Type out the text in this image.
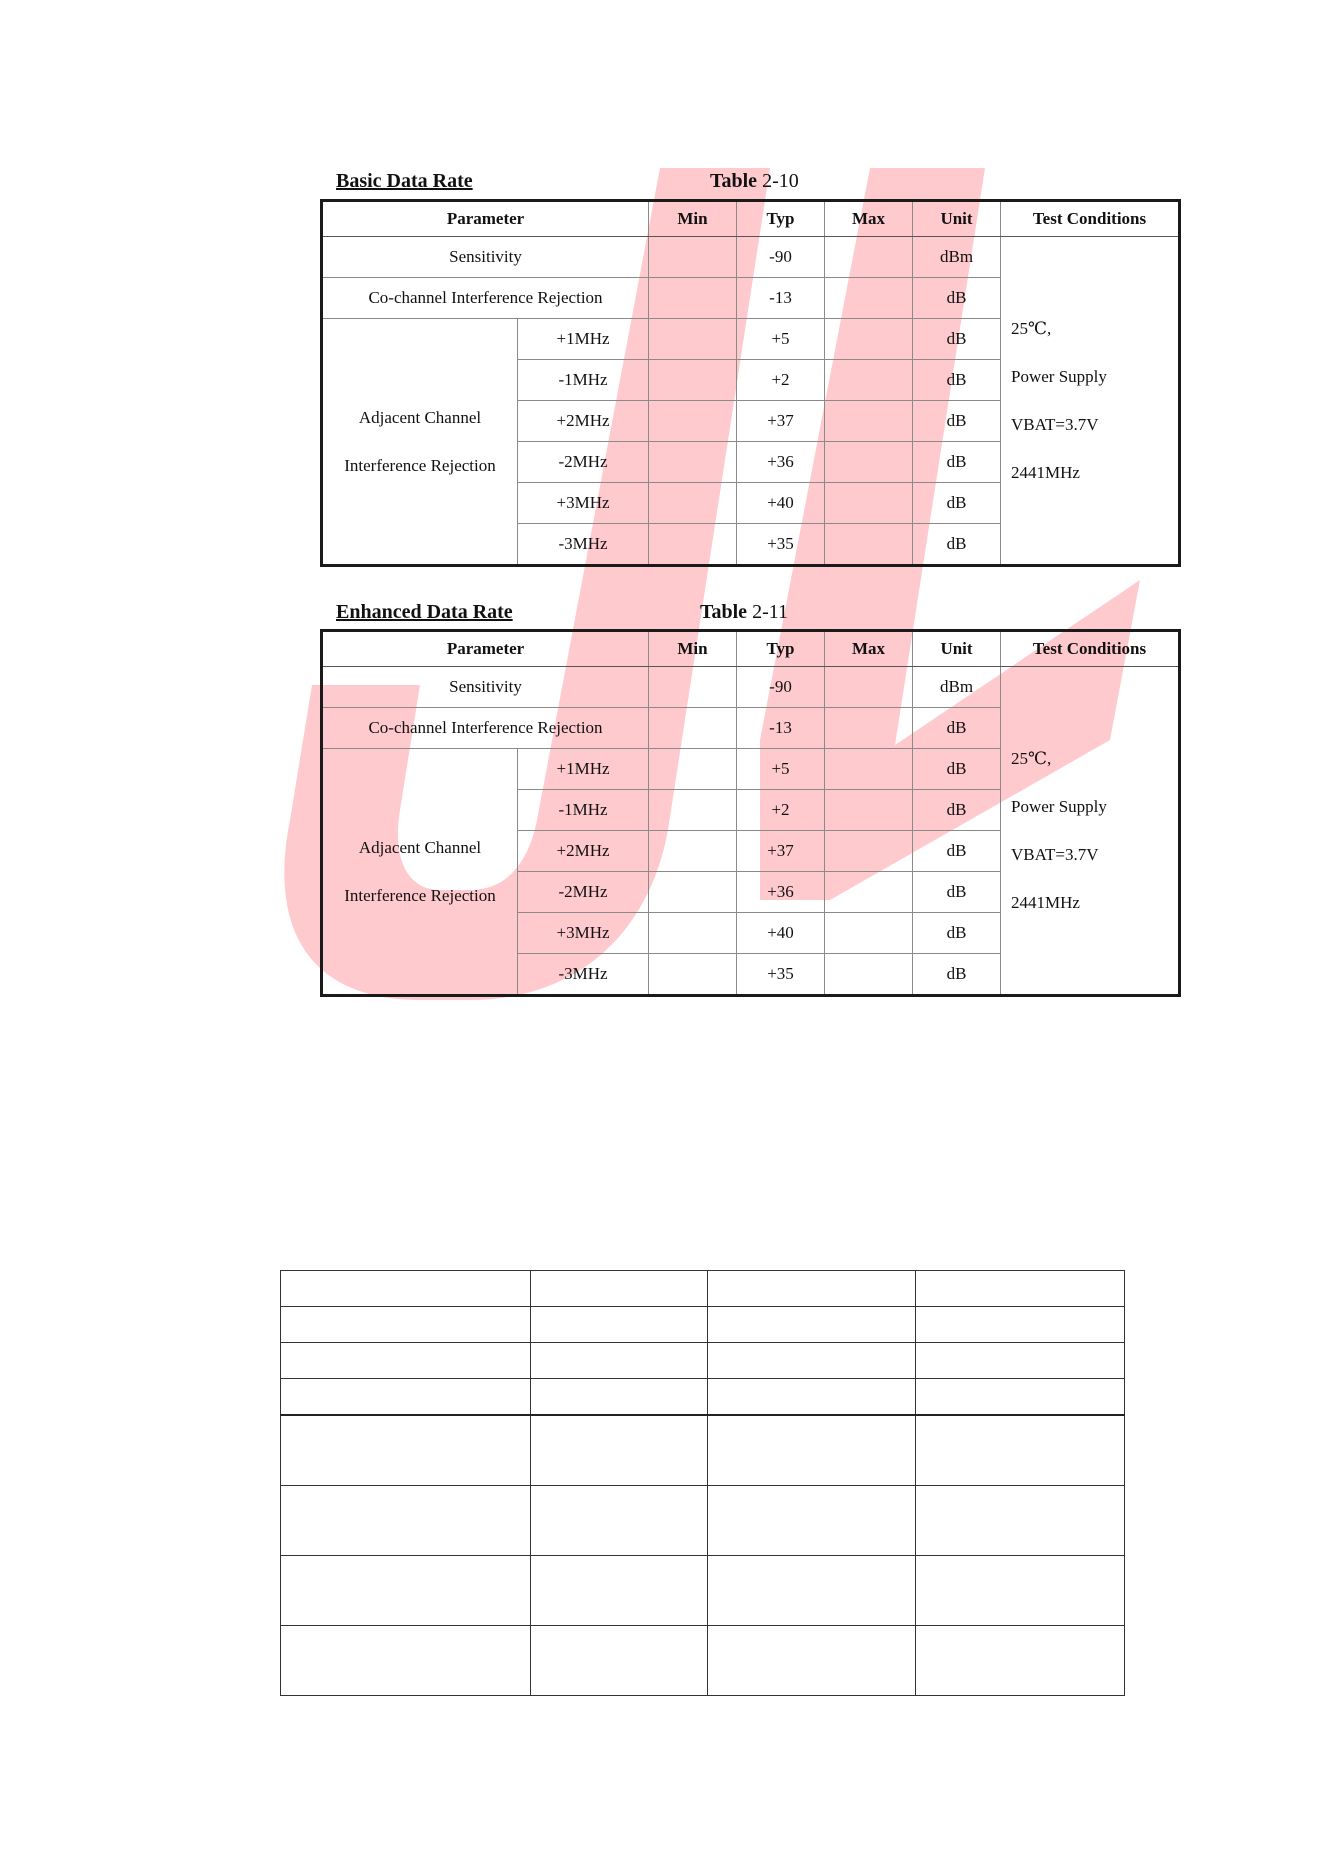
Basic Data Rate	Table 2-10
Parameter		Min	Typ	Max	Unit	Test Conditions
Sensitivity			-90		dBm	25℃,
Power Supply
VBAT=3.7V
2441MHz

Co-channel Interference Rejection			-13		dB	

Adjacent Channel
Interference Rejection	+1MHz		+5		dB	
	-1MHz		+2		dB	
	+2MHz		+37		dB	
	-2MHz		+36		dB	
	+3MHz		+40		dB	
	-3MHz		+35		dB	
Enhanced Data Rate	Table 2-11
Parameter		Min	Typ	Max	Unit	Test Conditions
Sensitivity			-90		dBm	25℃,
Power Supply
VBAT=3.7V
2441MHz

Co-channel Interference Rejection			-13		dB	

Adjacent Channel
Interference Rejection	+1MHz		+5		dB	
	-1MHz		+2		dB	
	+2MHz		+37		dB	
	-2MHz		+36		dB	
	+3MHz		+40		dB	
	-3MHz		+35		dB	
